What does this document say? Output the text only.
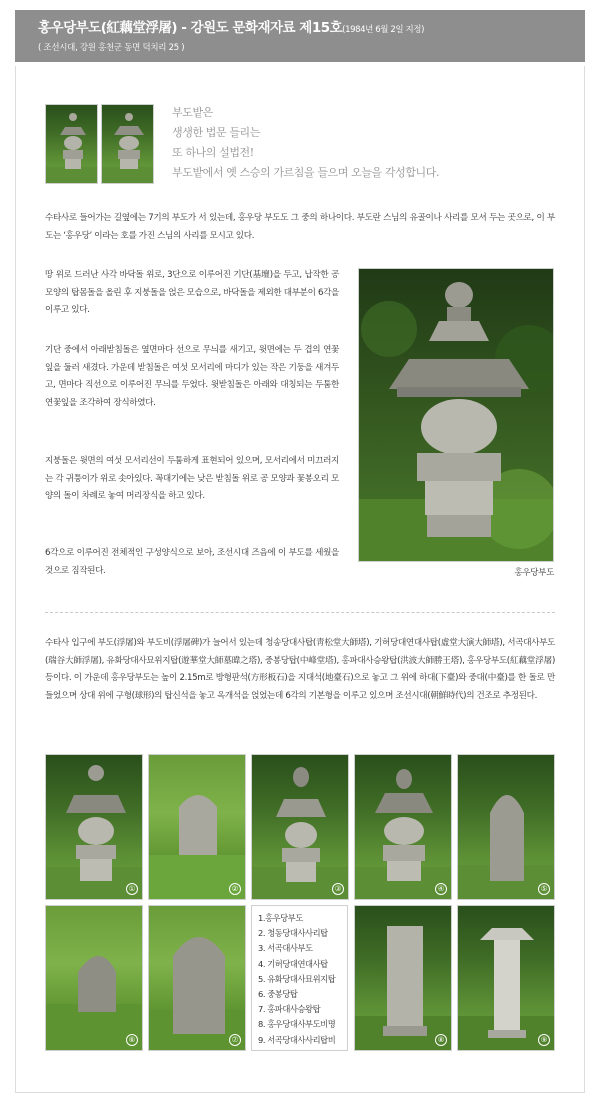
홍우당부도(紅藕堂浮屠) - 강원도 문화재자료 제15호(1984년 6월 2일 지정)
( 조선시대, 강원 홍천군 동면 덕치리 25 )
부도밭은
생생한 법문 들리는
또 하나의 설법전!
부도밭에서 옛 스승의 가르침을 들으며 오늘을 각성합니다.
수타사로 들어가는 길옆에는 7기의 부도가 서 있는데, 홍우당 부도도 그 중의 하나이다. 부도란 스님의 유골이나 사리를 모셔 두는 곳으로, 이 부도는 ‘홍우당’ 이라는 호를 가진 스님의 사리를 모시고 있다.
땅 위로 드러난 사각 바닥돌 위로, 3단으로 이루어진 기단(基壇)을 두고, 납작한 공 모양의 탑몸돌을 올린 후 지붕돌을 얹은 모습으로, 바닥돌을 제외한 대부분이 6각을 이루고 있다.
기단 중에서 아래받침돌은 옆면마다 선으로 무늬를 새기고, 윗면에는 두 겹의 연꽃잎을 둘러 새겼다. 가운데 받침돌은 여섯 모서리에 마디가 있는 작은 기둥을 새겨두고, 면마다 직선으로 이루어진 무늬를 두었다. 윗받침돌은 아래와 대칭되는 두툼한 연꽃잎을 조각하여 장식하였다.
지붕돌은 윗면의 여섯 모서리선이 두툼하게 표현되어 있으며, 모서리에서 미끄러지는 각 귀퉁이가 위로 솟아있다. 꼭대기에는 낮은 받침돌 위로 공 모양과 꽃봉오리 모양의 돌이 차례로 놓여 머리장식을 하고 있다.
6각으로 이루어진 전체적인 구성양식으로 보아, 조선시대 즈음에 이 부도를 세웠을 것으로 짐작된다.	홍우당부도
수타사 입구에 부도(浮屠)와 부도비(浮屠碑)가 늘어서 있는데 청송당대사탑(靑松堂大師塔), 기허당대연대사탑(虛堂大演大師塔), 서곡대사부도(瑞谷大師浮屠), 유화당대사묘위지탑(遊華堂大師墓暐之塔), 중봉당탑(中峰堂塔), 홍파대사승왕탑(洪波大師勝王塔), 홍우당부도(紅藕堂浮屠) 등이다. 이 가운데 홍우당부도는 높이 2.15m로 방형판석(方形板石)을 지대석(地臺石)으로 놓고 그 위에 하대(下臺)와 중대(中臺)를 한 돌로 만들었으며 상대 위에 구형(球形)의 탑신석을 놓고 옥개석을 얹었는데 6각의 기본형을 이루고 있으며 조선시대(朝鮮時代)의 건조로 추정된다.
①	②	③	④	⑤
⑥	⑦
1.홍우당부도
2. 청동당대사사리탑
3. 서곡대사부도
4. 기허당대연대사탑
5. 유화당대사묘위지탑
6. 중봉당탑
7. 홍파대사승왕탑
8. 홍우당대사부도비명
9. 서곡당대사사리탑비	⑧	⑨
